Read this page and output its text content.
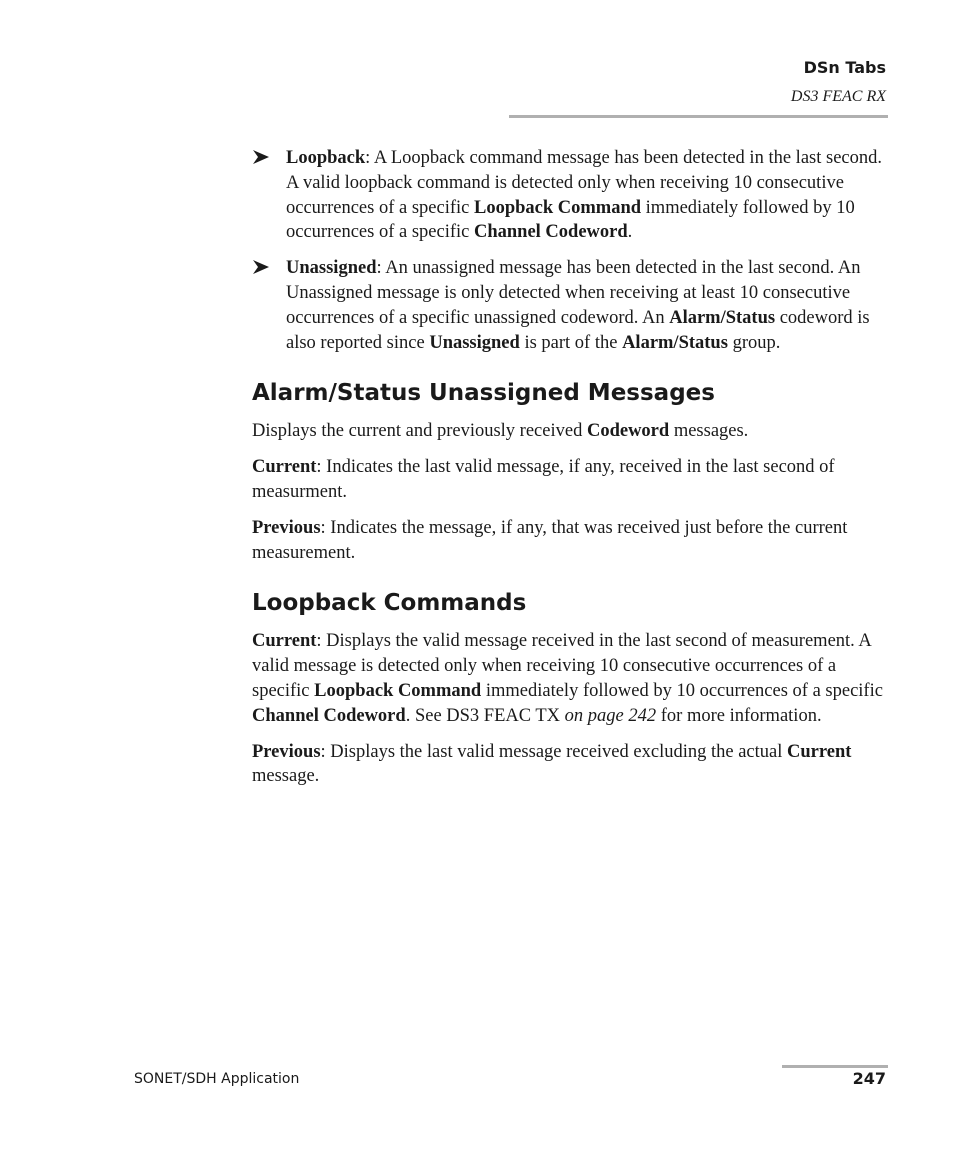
DSn Tabs
DS3 FEAC RX
Loopback: A Loopback command message has been detected in the last second. A valid loopback command is detected only when receiving 10 consecutive occurrences of a specific Loopback Command immediately followed by 10 occurrences of a specific Channel Codeword.
Unassigned: An unassigned message has been detected in the last second. An Unassigned message is only detected when receiving at least 10 consecutive occurrences of a specific unassigned codeword. An Alarm/Status codeword is also reported since Unassigned is part of the Alarm/Status group.
Alarm/Status Unassigned Messages

Displays the current and previously received Codeword messages.

Current: Indicates the last valid message, if any, received in the last second of measurment.

Previous: Indicates the message, if any, that was received just before the current measurement.

Loopback Commands

Current: Displays the valid message received in the last second of measurement. A valid message is detected only when receiving 10 consecutive occurrences of a specific Loopback Command immediately followed by 10 occurrences of a specific Channel Codeword. See DS3 FEAC TX on page 242 for more information.

Previous: Displays the last valid message received excluding the actual Current message.

SONET/SDH Application	247
